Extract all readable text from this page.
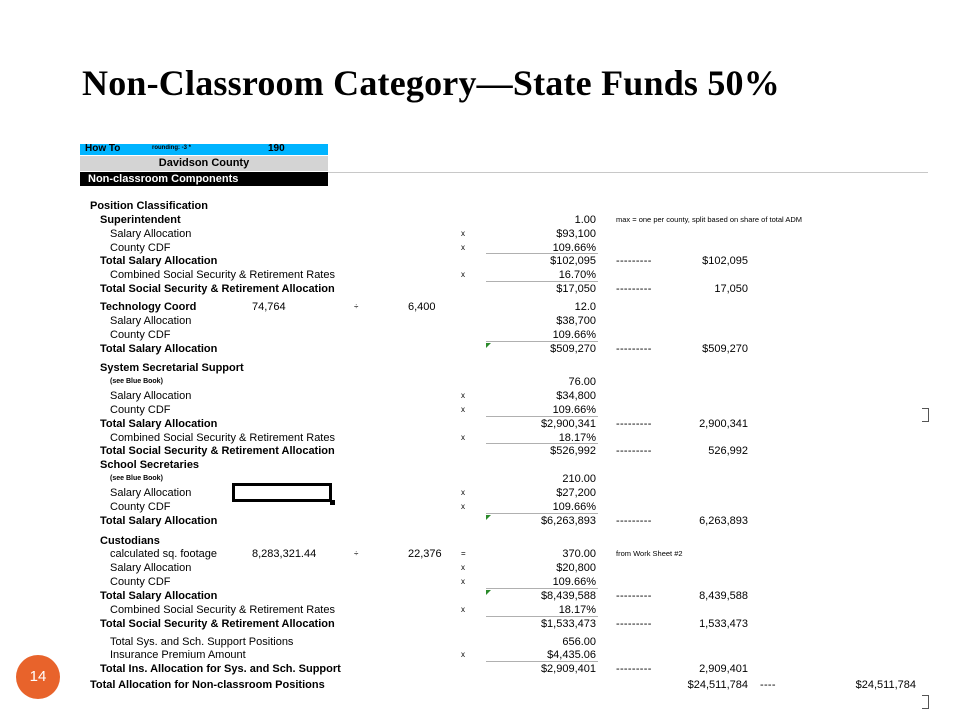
Non-Classroom Category—State Funds 50%
How To	rounding: -3 *	190
Davidson County
Non-classroom Components
Position Classification
Superintendent	1.00	max = one per county, split based on share of total ADM
Salary Allocation	x	$93,100
County CDF	x	109.66%
Total Salary Allocation	$102,095 ---------	$102,095
Combined Social Security & Retirement Rates	x	16.70%
Total Social Security & Retirement Allocation	$17,050 ---------	17,050
Technology Coord	74,764	÷	6,400	12.0
Salary Allocation	$38,700
County CDF	109.66%
Total Salary Allocation	$509,270 ---------	$509,270
System Secretarial Support
(see Blue Book)	76.00
Salary Allocation	x	$34,800
County CDF	x	109.66%
Total Salary Allocation	$2,900,341 ---------	2,900,341
Combined Social Security & Retirement Rates	x	18.17%
Total Social Security & Retirement Allocation	$526,992 ---------	526,992
School Secretaries
(see Blue Book)	210.00
Salary Allocation	x	$27,200
County CDF	x	109.66%
Total Salary Allocation	$6,263,893 ---------	6,263,893
Custodians
calculated sq. footage	8,283,321.44	÷	22,376 =	370.00	from Work Sheet #2
Salary Allocation	x	$20,800
County CDF	x	109.66%
Total Salary Allocation	$8,439,588 ---------	8,439,588
Combined Social Security & Retirement Rates	x	18.17%
Total Social Security & Retirement Allocation	$1,533,473 ---------	1,533,473
Total Sys. and Sch. Support Positions	656.00
Insurance Premium Amount	x	$4,435.06
Total Ins. Allocation for Sys. and Sch. Support	$2,909,401 ---------	2,909,401
Total Allocation for Non-classroom Positions	$24,511,784 ----	$24,511,784
14
